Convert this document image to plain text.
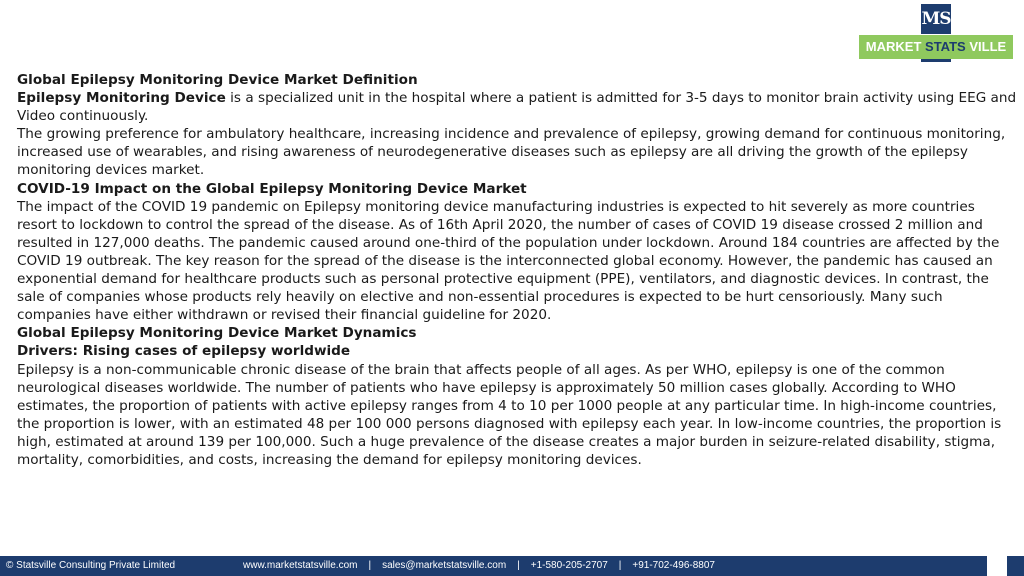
MS
MARKET STATS VILLE

Global Epilepsy Monitoring Device Market Definition

Epilepsy Monitoring Device is a specialized unit in the hospital where a patient is admitted for 3-5 days to monitor brain activity using EEG and Video continuously.

The growing preference for ambulatory healthcare, increasing incidence and prevalence of epilepsy, growing demand for continuous monitoring, increased use of wearables, and rising awareness of neurodegenerative diseases such as epilepsy are all driving the growth of the epilepsy monitoring devices market.

COVID-19 Impact on the Global Epilepsy Monitoring Device Market

The impact of the COVID 19 pandemic on Epilepsy monitoring device manufacturing industries is expected to hit severely as more countries resort to lockdown to control the spread of the disease. As of 16th April 2020, the number of cases of COVID 19 disease crossed 2 million and resulted in 127,000 deaths. The pandemic caused around one-third of the population under lockdown. Around 184 countries are affected by the COVID 19 outbreak. The key reason for the spread of the disease is the interconnected global economy. However, the pandemic has caused an exponential demand for healthcare products such as personal protective equipment (PPE), ventilators, and diagnostic devices. In contrast, the sale of companies whose products rely heavily on elective and non-essential procedures is expected to be hurt censoriously. Many such companies have either withdrawn or revised their financial guideline for 2020.

Global Epilepsy Monitoring Device Market Dynamics

Drivers: Rising cases of epilepsy worldwide

Epilepsy is a non-communicable chronic disease of the brain that affects people of all ages. As per WHO, epilepsy is one of the common neurological diseases worldwide. The number of patients who have epilepsy is approximately 50 million cases globally. According to WHO estimates, the proportion of patients with active epilepsy ranges from 4 to 10 per 1000 people at any particular time. In high-income countries, the proportion is lower, with an estimated 48 per 100 000 persons diagnosed with epilepsy each year. In low-income countries, the proportion is high, estimated at around 139 per 100,000. Such a huge prevalence of the disease creates a major burden in seizure-related disability, stigma, mortality, comorbidities, and costs, increasing the demand for epilepsy monitoring devices.

© Statsville Consulting Private Limited	www.marketstatsville.com | sales@marketstatsville.com | +1-580-205-2707 | +91-702-496-8807
